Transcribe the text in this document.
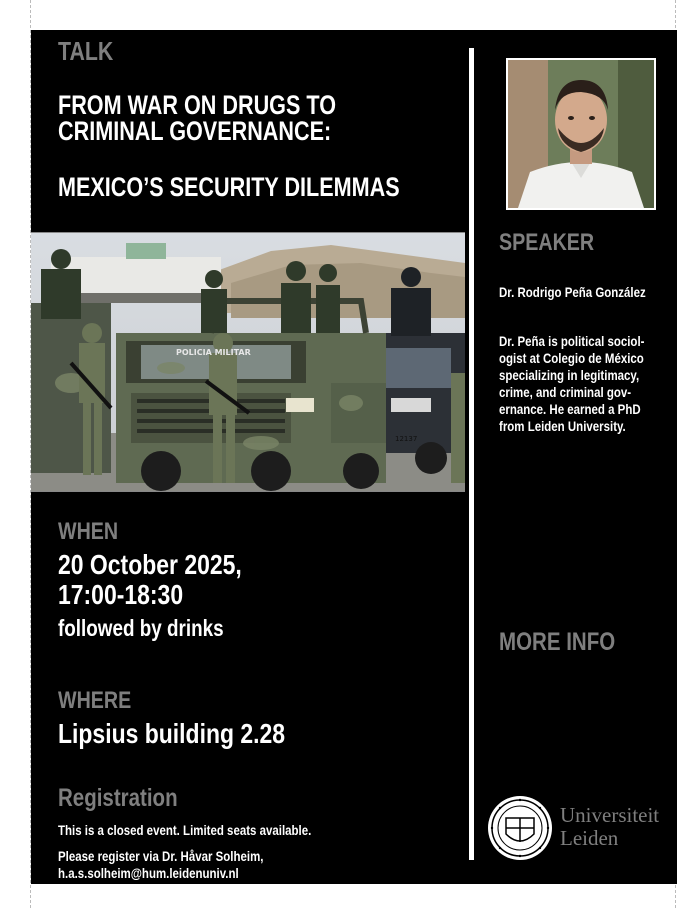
TALK
FROM WAR ON DRUGS TO
CRIMINAL GOVERNANCE:
MEXICO’S SECURITY DILEMMAS
POLICIA MILITAR
12137
SPEAKER
Dr. Rodrigo Peña González
Dr. Peña is political sociol-
ogist at Colegio de México
specializing in legitimacy,
crime, and criminal gov-
ernance. He earned a PhD
from Leiden University.
WHEN
20 October 2025,
17:00-18:30
followed by drinks
WHERE
Lipsius building 2.28
Registration
This is a closed event. Limited seats available.
Please register via Dr. Håvar Solheim,
h.a.s.solheim@hum.leidenuniv.nl
MORE INFO
Universiteit
Leiden
